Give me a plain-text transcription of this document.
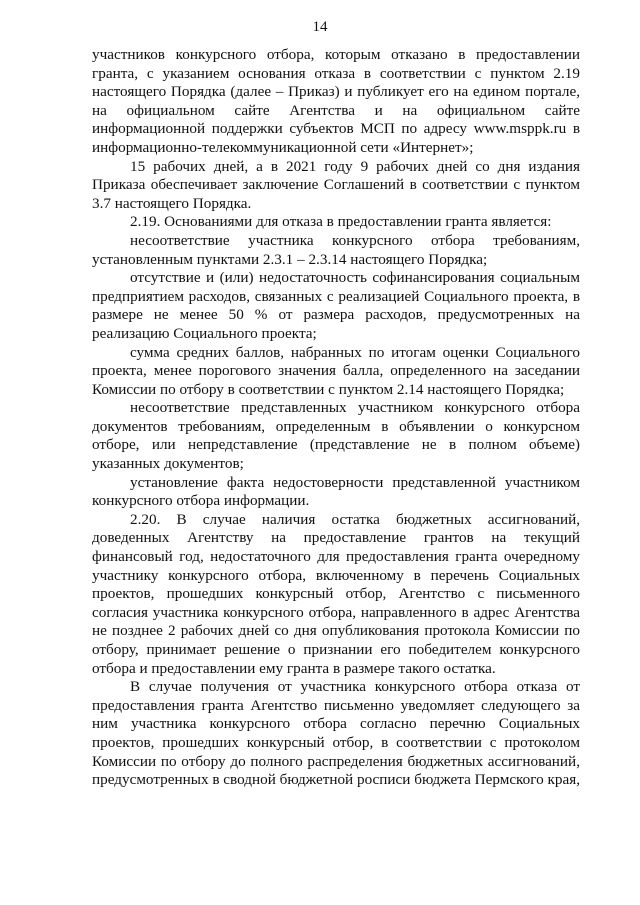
14

участников конкурсного отбора, которым отказано в предоставлении гранта, с указанием основания отказа в соответствии с пунктом 2.19 настоящего Порядка (далее – Приказ) и публикует его на едином портале, на официальном сайте Агентства и на официальном сайте информационной поддержки субъектов МСП по адресу www.msppk.ru в информационно-телекоммуникационной сети «Интернет»;

15 рабочих дней, а в 2021 году 9 рабочих дней со дня издания Приказа обеспечивает заключение Соглашений в соответствии с пунктом 3.7 настоящего Порядка.

2.19. Основаниями для отказа в предоставлении гранта является:

несоответствие участника конкурсного отбора требованиям, установленным пунктами 2.3.1 – 2.3.14 настоящего Порядка;

отсутствие и (или) недостаточность софинансирования социальным предприятием расходов, связанных с реализацией Социального проекта, в размере не менее 50 % от размера расходов, предусмотренных на реализацию Социального проекта;

сумма средних баллов, набранных по итогам оценки Социального проекта, менее порогового значения балла, определенного на заседании Комиссии по отбору в соответствии с пунктом 2.14 настоящего Порядка;

несоответствие представленных участником конкурсного отбора документов требованиям, определенным в объявлении о конкурсном отборе, или непредставление (представление не в полном объеме) указанных документов;

установление факта недостоверности представленной участником конкурсного отбора информации.

2.20. В случае наличия остатка бюджетных ассигнований, доведенных Агентству на предоставление грантов на текущий финансовый год, недостаточного для предоставления гранта очередному участнику конкурсного отбора, включенному в перечень Социальных проектов, прошедших конкурсный отбор, Агентство с письменного согласия участника конкурсного отбора, направленного в адрес Агентства не позднее 2 рабочих дней со дня опубликования протокола Комиссии по отбору, принимает решение о признании его победителем конкурсного отбора и предоставлении ему гранта в размере такого остатка.

В случае получения от участника конкурсного отбора отказа от предоставления гранта Агентство письменно уведомляет следующего за ним участника конкурсного отбора согласно перечню Социальных проектов, прошедших конкурсный отбор, в соответствии с протоколом Комиссии по отбору до полного распределения бюджетных ассигнований, предусмотренных в сводной бюджетной росписи бюджета Пермского края,
